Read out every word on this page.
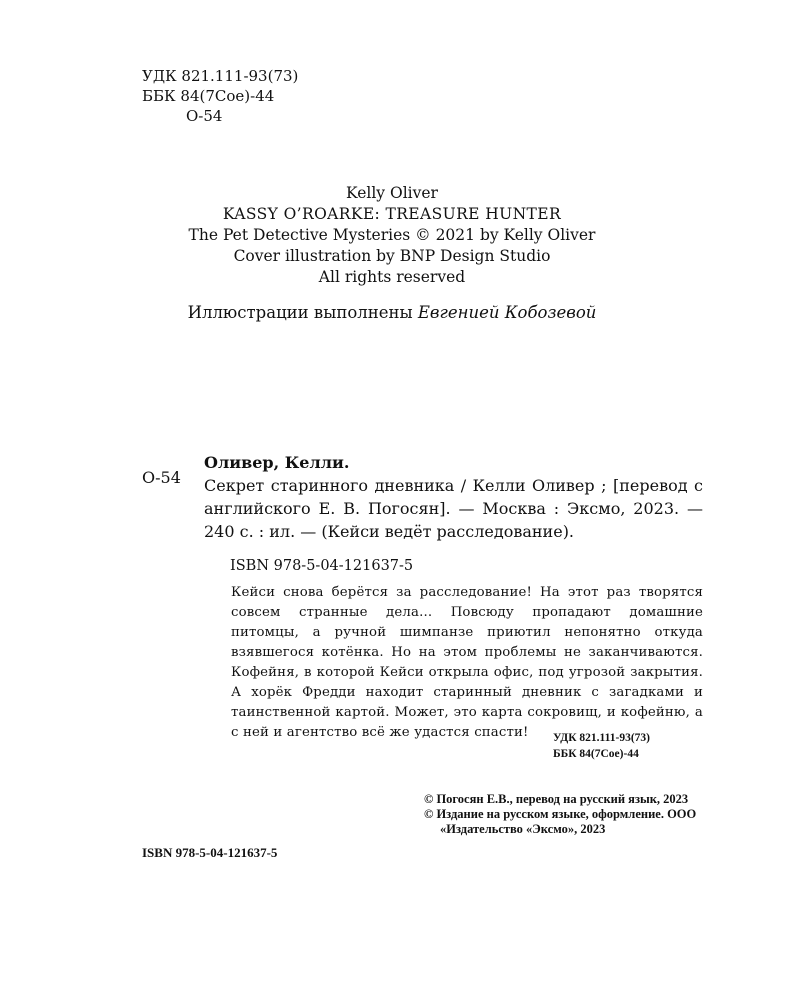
УДК 821.111-93(73)
ББК 84(7Сое)-44
О-54
Kelly Oliver
KASSY O’ROARKE: TREASURE HUNTER
The Pet Detective Mysteries © 2021 by Kelly Oliver
Cover illustration by BNP Design Studio
All rights reserved
Иллюстрации выполнены Евгенией Кобозевой
О-54
Оливер, Келли.
Секрет старинного дневника / Келли Оливер ; [перевод с английского Е. В. Погосян]. — Москва : Эксмо, 2023. — 240 с. : ил. — (Кейси ведёт расследование).
ISBN 978-5-04-121637-5
Кейси снова берётся за расследование! На этот раз творятся совсем странные дела... Повсюду пропадают домашние питомцы, а ручной шимпанзе приютил непонятно откуда взявшегося котёнка. Но на этом проблемы не заканчиваются. Кофейня, в которой Кейси открыла офис, под угрозой закрытия. А хорёк Фредди находит старинный дневник с загадками и таинственной картой. Может, это карта сокровищ, и кофейню, а с ней и агентство всё же удастся спасти!	УДК 821.111-93(73)
ББК 84(7Сое)-44
© Погосян Е.В., перевод на русский язык, 2023
© Издание на русском языке, оформление. ООО «Издательство «Эксмо», 2023
ISBN 978-5-04-121637-5
